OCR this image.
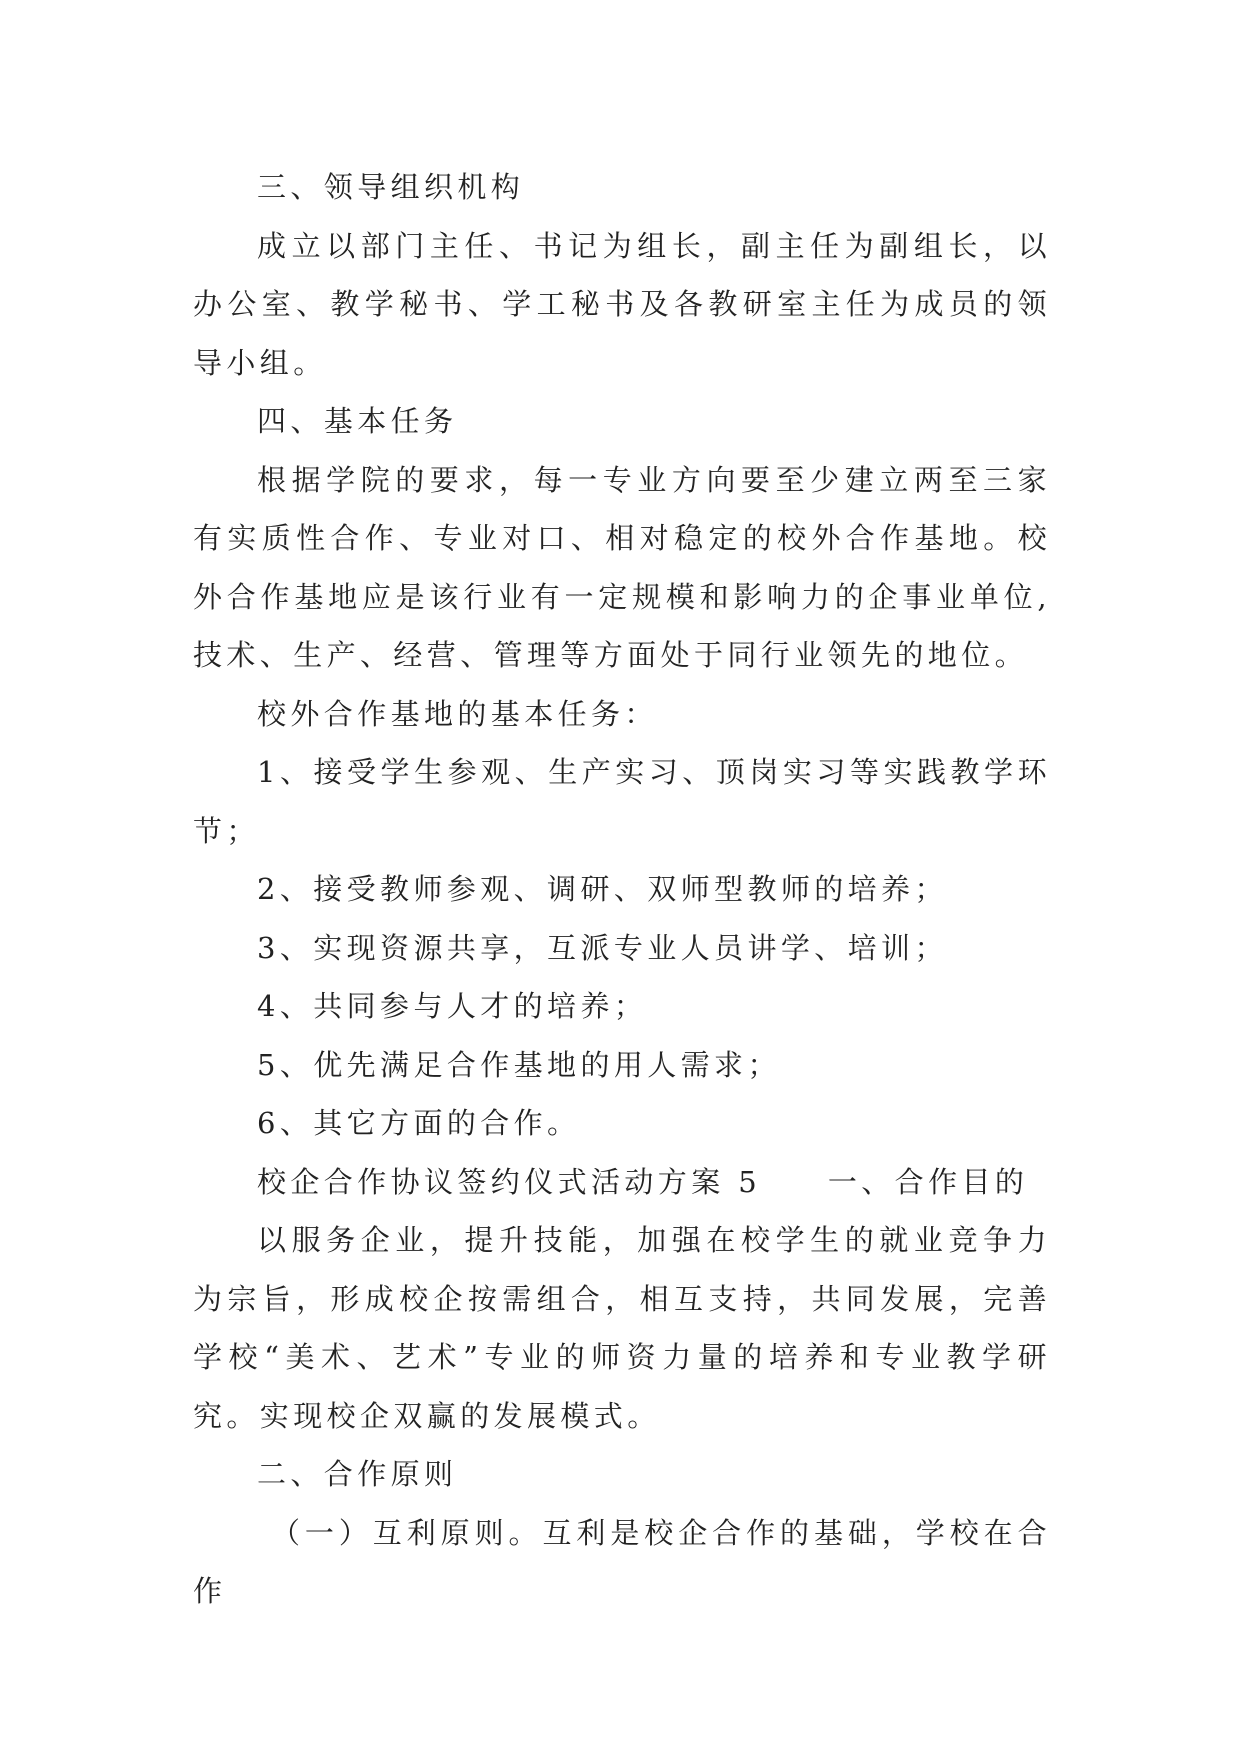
三、领导组织机构

成立以部门主任、书记为组长，副主任为副组长，以办公室、教学秘书、学工秘书及各教研室主任为成员的领导小组。

四、基本任务

根据学院的要求，每一专业方向要至少建立两至三家有实质性合作、专业对口、相对稳定的校外合作基地。校外合作基地应是该行业有一定规模和影响力的企事业单位,技术、生产、经营、管理等方面处于同行业领先的地位。

校外合作基地的基本任务：

1、接受学生参观、生产实习、顶岗实习等实践教学环节；

2、接受教师参观、调研、双师型教师的培养；

3、实现资源共享，互派专业人员讲学、培训；

4、共同参与人才的培养；

5、优先满足合作基地的用人需求；

6、其它方面的合作。

校企合作协议签约仪式活动方案 5　　一、合作目的

以服务企业，提升技能，加强在校学生的就业竞争力为宗旨，形成校企按需组合，相互支持，共同发展，完善学校“美术、艺术”专业的师资力量的培养和专业教学研究。实现校企双赢的发展模式。

二、合作原则

（一）互利原则。互利是校企合作的基础，学校在合作
